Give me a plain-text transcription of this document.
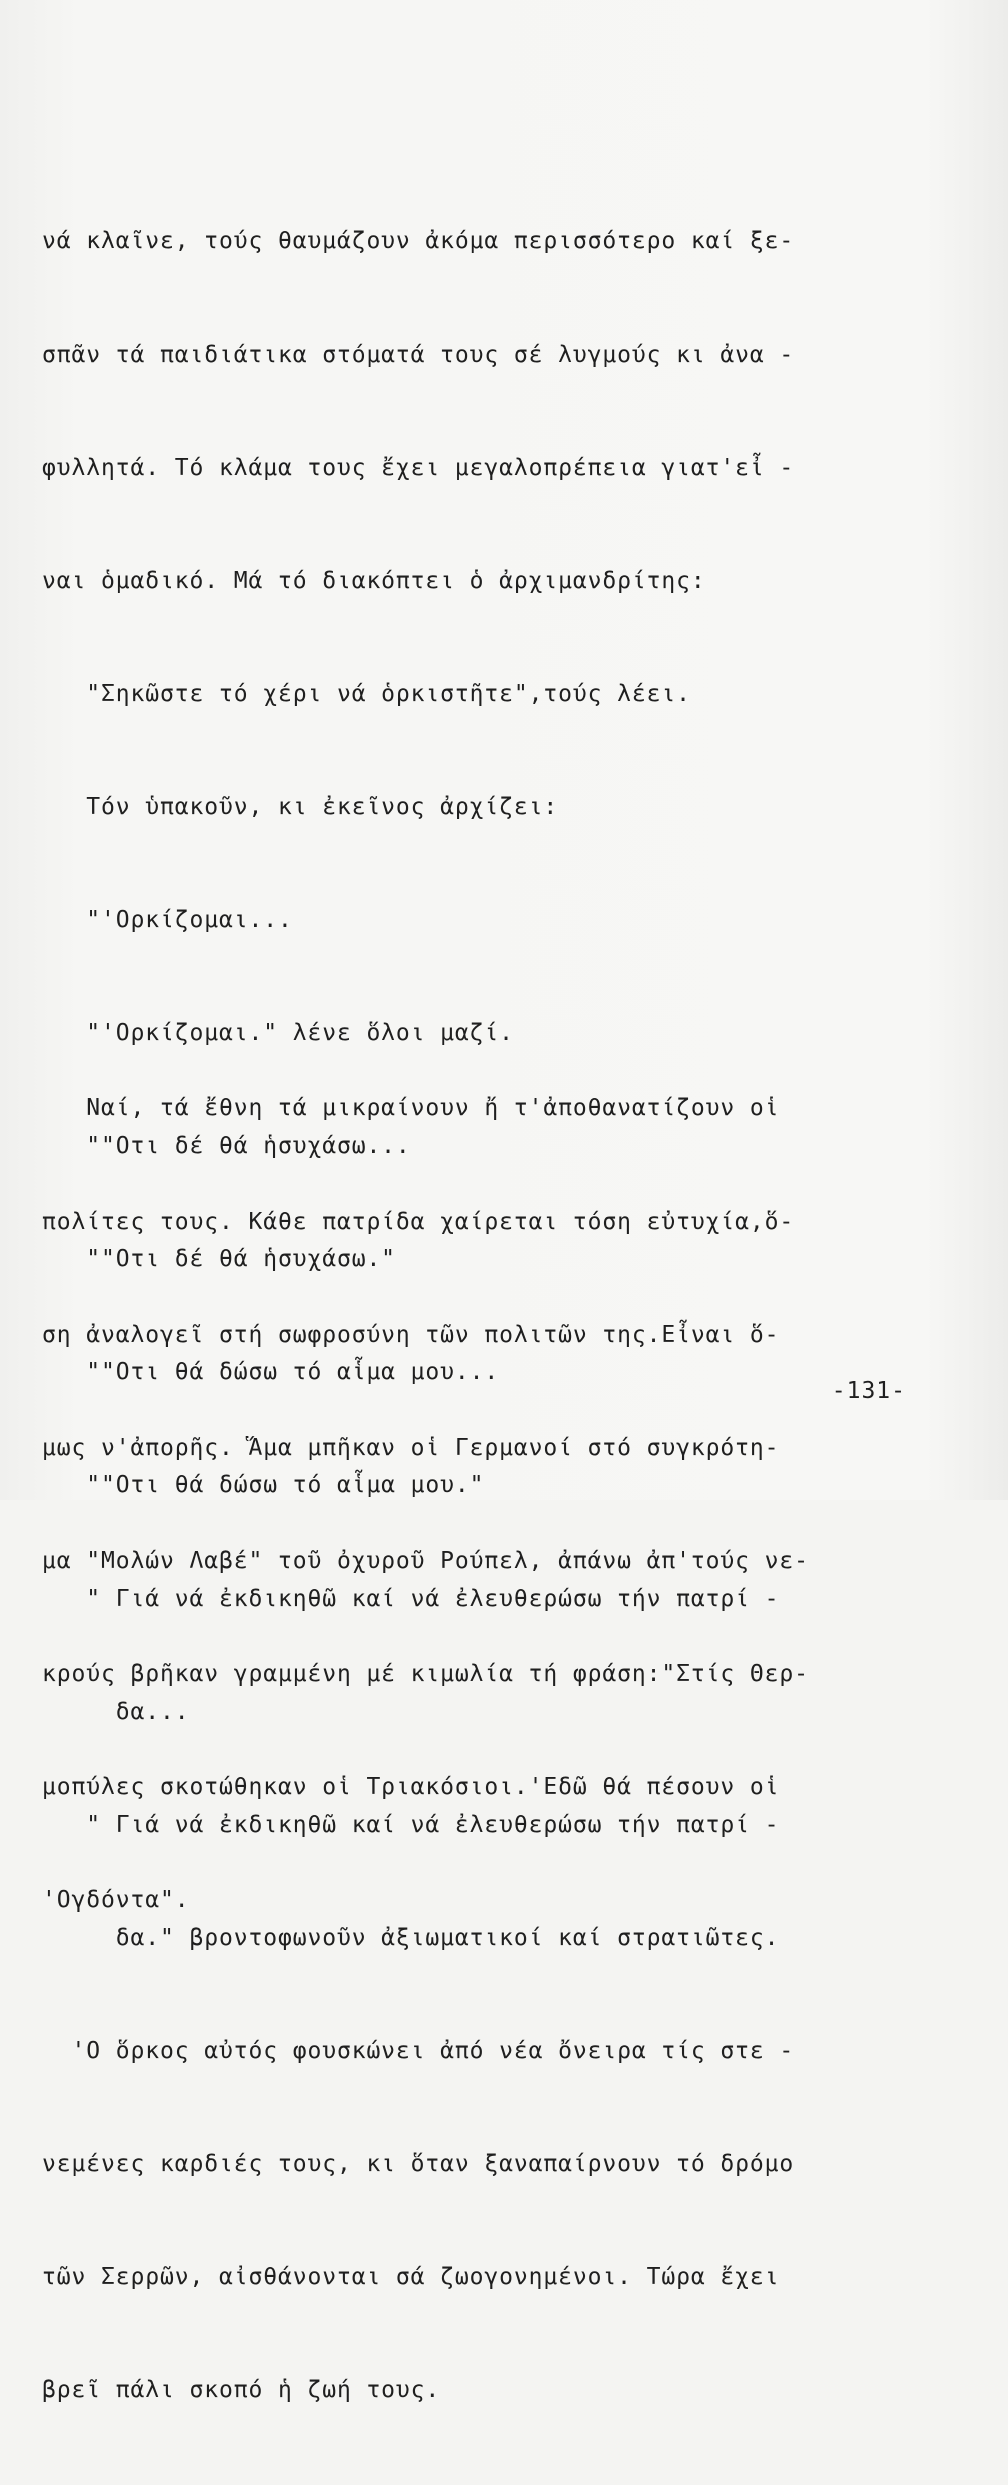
νά κλαῖνε, τούς θαυμάζουν ἀκόμα περισσότερο καί ξε-

σπᾶν τά παιδιάτικα στόματά τους σέ λυγμούς κι ἀνα -

φυλλητά. Τό κλάμα τους ἔχει μεγαλοπρέπεια γιατ'εἶ -

ναι ὁμαδικό. Μά τό διακόπτει ὁ ἀρχιμανδρίτης:

"Σηκῶστε τό χέρι νά ὁρκιστῆτε",τούς λέει.

Τόν ὑπακοῦν, κι ἐκεῖνος ἀρχίζει:

"'Ορκίζομαι...

"'Ορκίζομαι." λένε ὅλοι μαζί.

""Οτι δέ θά ἡσυχάσω...

""Οτι δέ θά ἡσυχάσω."

""Οτι θά δώσω τό αἷμα μου...

""Οτι θά δώσω τό αἷμα μου."

" Γιά νά ἐκδικηθῶ καί νά ἐλευθερώσω τήν πατρί -

δα...

" Γιά νά ἐκδικηθῶ καί νά ἐλευθερώσω τήν πατρί -

δα." βροντοφωνοῦν ἀξιωματικοί καί στρατιῶτες.

'Ο ὅρκος αὐτός φουσκώνει ἀπό νέα ὄνειρα τίς στε -

νεμένες καρδιές τους, κι ὅταν ξαναπαίρνουν τό δρόμο

τῶν Σερρῶν, αἰσθάνονται σά ζωογονημένοι. Τώρα ἔχει

βρεῖ πάλι σκοπό ἡ ζωή τους.

Ναί, τά ἔθνη τά μικραίνουν ἤ τ'ἀποθανατίζουν οἱ

πολίτες τους. Κάθε πατρίδα χαίρεται τόση εὐτυχία,ὅ-

ση ἀναλογεῖ στή σωφροσύνη τῶν πολιτῶν της.Εἶναι ὅ-

μως ν'ἀπορῆς. Ἅμα μπῆκαν οἱ Γερμανοί στό συγκρότη-

μα "Μολών Λαβέ" τοῦ ὀχυροῦ Ρούπελ, ἀπάνω ἀπ'τούς νε-

κρούς βρῆκαν γραμμένη μέ κιμωλία τή φράση:"Στίς Θερ-

μοπύλες σκοτώθηκαν οἱ Τριακόσιοι.'Εδῶ θά πέσουν οἱ

'Ογδόντα".

-131-
